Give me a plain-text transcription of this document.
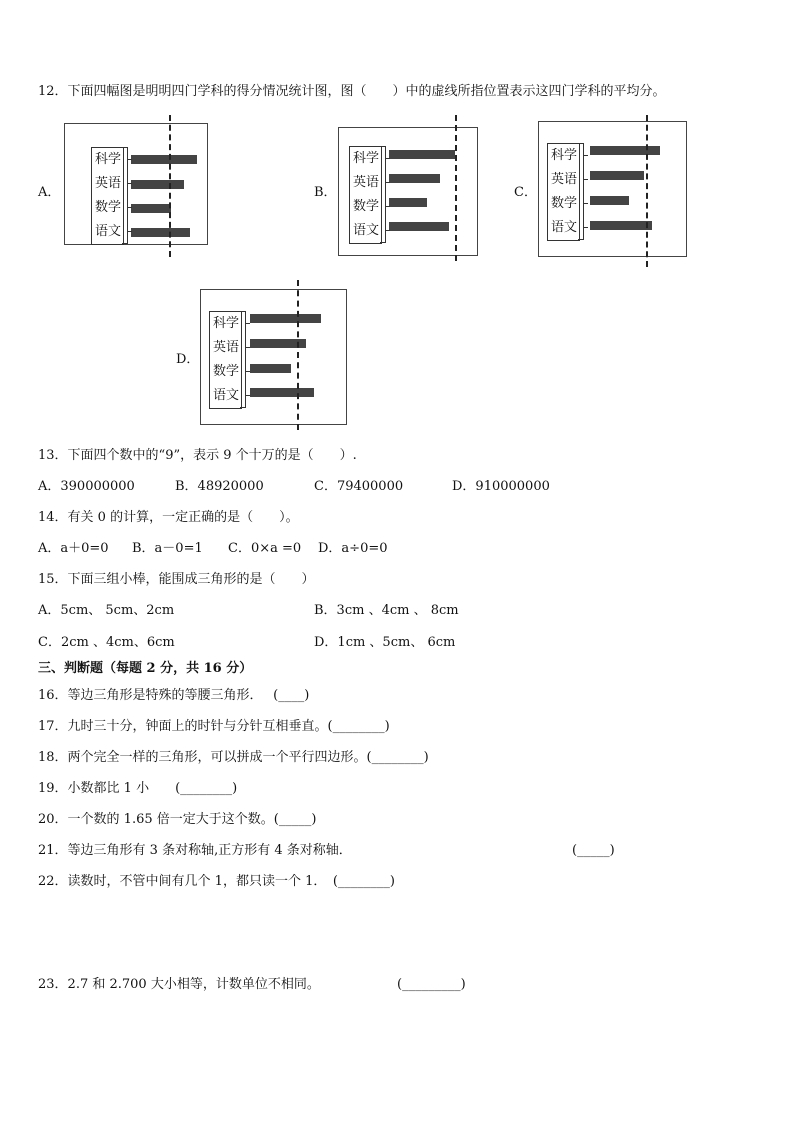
12．下面四幅图是明明四门学科的得分情况统计图，图（　　）中的虚线所指位置表示这四门学科的平均分。
A．
科学
英语
数学
语文
B．
科学
英语
数学
语文
C．
科学
英语
数学
语文
D．
科学
英语
数学
语文
13．下面四个数中的“9”，表示 9 个十万的是（　　）.
A．390000000	B．48920000	C．79400000	D．910000000
14．有关 0 的计算，一定正确的是（　　）。
A．a＋0=0 B．a－0=1 C．0×a =0 D．a÷0=0
15．下面三组小棒，能围成三角形的是（　　）
A．5cm、 5cm、2cm	B．3cm 、4cm 、 8cm
C．2cm 、4cm、6cm	D．1cm 、5cm、 6cm
三、判断题（每题 2 分，共 16 分）
16．等边三角形是特殊的等腰三角形．　 (____)
17．九时三十分，钟面上的时针与分针互相垂直。(________)
18．两个完全一样的三角形，可以拼成一个平行四边形。(________)
19．小数都比 1 小　　(________)
20．一个数的 1.65 倍一定大于这个数。(_____)
21．等边三角形有 3 条对称轴,正方形有 4 条对称轴．	(_____)
22．读数时，不管中间有几个 1，都只读一个 1．　(________)
23．2.7 和 2.700 大小相等，计数单位不相同。	(_________)
